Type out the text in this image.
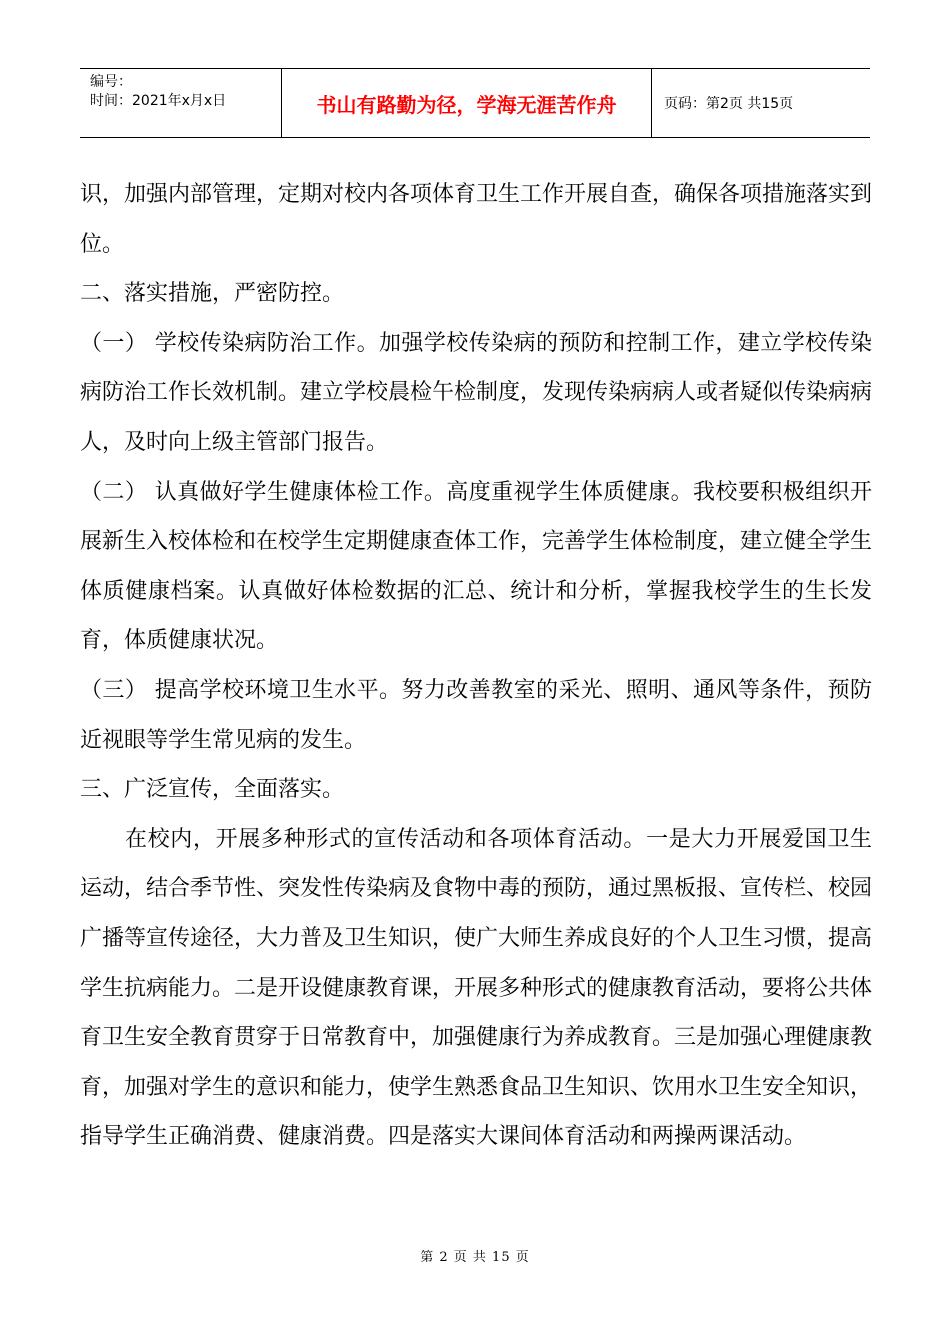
编号：
时间：2021年x月x日	书山有路勤为径，学海无涯苦作舟	页码：第2页 共15页

识，加强内部管理，定期对校内各项体育卫生工作开展自查，确保各项措施落实到位。

二、落实措施，严密防控。

（一） 学校传染病防治工作。加强学校传染病的预防和控制工作，建立学校传染病防治工作长效机制。建立学校晨检午检制度，发现传染病病人或者疑似传染病病人，及时向上级主管部门报告。

（二） 认真做好学生健康体检工作。高度重视学生体质健康。我校要积极组织开展新生入校体检和在校学生定期健康查体工作，完善学生体检制度，建立健全学生体质健康档案。认真做好体检数据的汇总、统计和分析，掌握我校学生的生长发育，体质健康状况。

（三） 提高学校环境卫生水平。努力改善教室的采光、照明、通风等条件，预防近视眼等学生常见病的发生。

三、广泛宣传，全面落实。

在校内，开展多种形式的宣传活动和各项体育活动。一是大力开展爱国卫生运动，结合季节性、突发性传染病及食物中毒的预防，通过黑板报、宣传栏、校园广播等宣传途径，大力普及卫生知识，使广大师生养成良好的个人卫生习惯，提高学生抗病能力。二是开设健康教育课，开展多种形式的健康教育活动，要将公共体育卫生安全教育贯穿于日常教育中，加强健康行为养成教育。三是加强心理健康教育，加强对学生的意识和能力，使学生熟悉食品卫生知识、饮用水卫生安全知识，指导学生正确消费、健康消费。四是落实大课间体育活动和两操两课活动。

第 2 页 共 15 页
